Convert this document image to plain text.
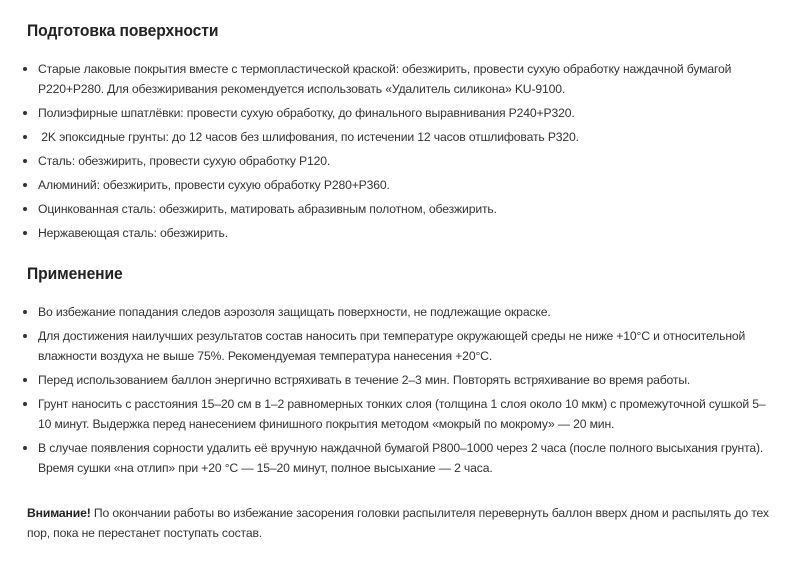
Подготовка поверхности
Старые лаковые покрытия вместе с термопластической краской: обезжирить, провести сухую обработку наждачной бумагой P220+P280. Для обезжиривания рекомендуется использовать «Удалитель силикона» KU-9100.
Полиэфирные шпатлёвки: провести сухую обработку, до финального выравнивания P240+P320.
2K эпоксидные грунты: до 12 часов без шлифования, по истечении 12 часов отшлифовать P320.
Сталь: обезжирить, провести сухую обработку P120.
Алюминий: обезжирить, провести сухую обработку P280+P360.
Оцинкованная сталь: обезжирить, матировать абразивным полотном, обезжирить.
Нержавеющая сталь: обезжирить.
Применение
Во избежание попадания следов аэрозоля защищать поверхности, не подлежащие окраске.
Для достижения наилучших результатов состав наносить при температуре окружающей среды не ниже +10°С и относительной влажности воздуха не выше 75%. Рекомендуемая температура нанесения +20°С.
Перед использованием баллон энергично встряхивать в течение 2–3 мин. Повторять встряхивание во время работы.
Грунт наносить с расстояния 15–20 см в 1–2 равномерных тонких слоя (толщина 1 слоя около 10 мкм) с промежуточной сушкой 5–10 минут. Выдержка перед нанесением финишного покрытия методом «мокрый по мокрому» — 20 мин.
В случае появления сорности удалить её вручную наждачной бумагой P800–1000 через 2 часа (после полного высыхания грунта). Время сушки «на отлип» при +20 °С — 15–20 минут, полное высыхание — 2 часа.

Внимание! По окончании работы во избежание засорения головки распылителя перевернуть баллон вверх дном и распылять до тех пор, пока не перестанет поступать состав.
